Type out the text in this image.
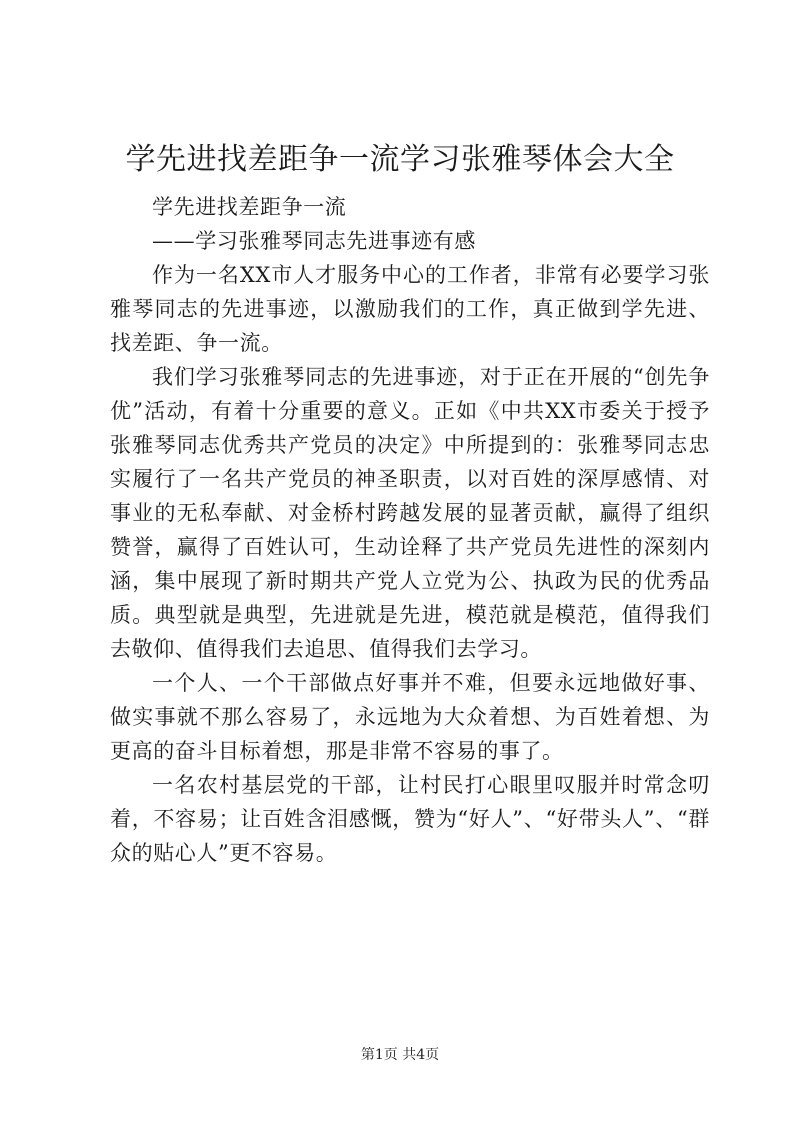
学先进找差距争一流学习张雅琴体会大全

学先进找差距争一流

——学习张雅琴同志先进事迹有感

作为一名XX市人才服务中心的工作者，非常有必要学习张雅琴同志的先进事迹，以激励我们的工作，真正做到学先进、找差距、争一流。

我们学习张雅琴同志的先进事迹，对于正在开展的“创先争优”活动，有着十分重要的意义。正如《中共XX市委关于授予张雅琴同志优秀共产党员的决定》中所提到的：张雅琴同志忠实履行了一名共产党员的神圣职责，以对百姓的深厚感情、对事业的无私奉献、对金桥村跨越发展的显著贡献，赢得了组织赞誉，赢得了百姓认可，生动诠释了共产党员先进性的深刻内涵，集中展现了新时期共产党人立党为公、执政为民的优秀品质。典型就是典型，先进就是先进，模范就是模范，值得我们去敬仰、值得我们去追思、值得我们去学习。

一个人、一个干部做点好事并不难，但要永远地做好事、做实事就不那么容易了，永远地为大众着想、为百姓着想、为更高的奋斗目标着想，那是非常不容易的事了。

一名农村基层党的干部，让村民打心眼里叹服并时常念叨着，不容易；让百姓含泪感慨，赞为“好人”、“好带头人”、“群众的贴心人”更不容易。

第1页 共4页
